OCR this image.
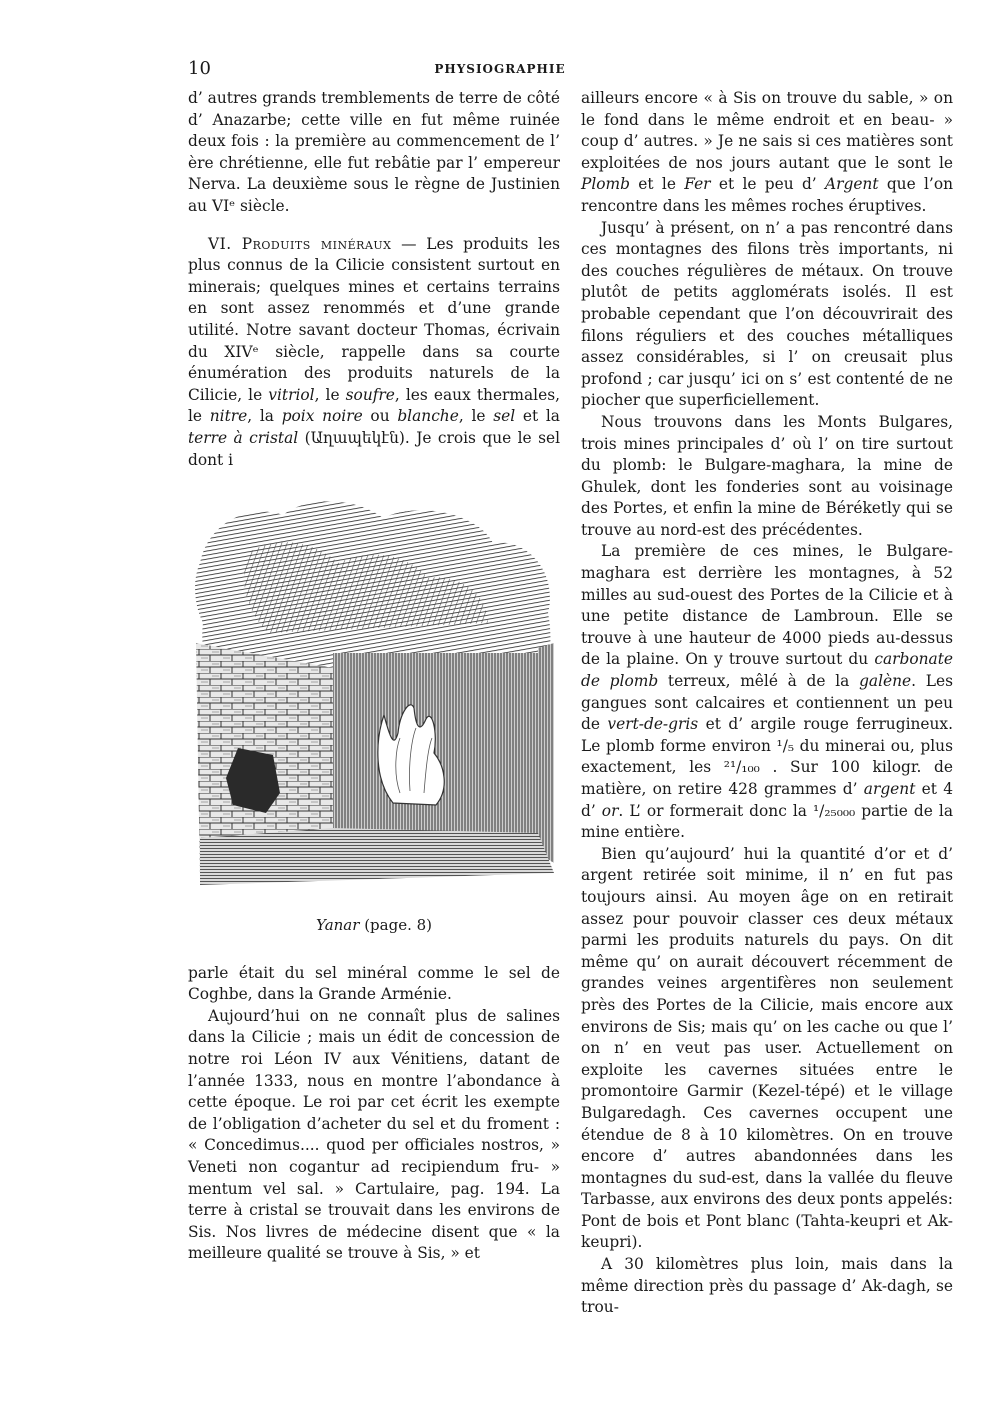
10	PHYSIOGRAPHIE

d’ autres grands tremblements de terre de côté d’ Anazarbe; cette ville en fut même ruinée deux fois : la première au commencement de l’ ère chrétienne, elle fut rebâtie par l’ empereur Nerva. La deuxième sous le règne de Justinien au VIᵉ siècle.

VI. Produits minéraux — Les produits les plus connus de la Cilicie consistent surtout en minerais; quelques mines et certains terrains en sont assez renommés et d’une grande utilité. Notre savant docteur Thomas, écrivain du XIVᵉ siècle, rappelle dans sa courte énumération des produits naturels de la Cilicie, le vitriol, le soufre, les eaux thermales, le nitre, la poix noire ou blanche, le sel et la terre à cristal (Աղապեկէն). Je crois que le sel dont i

Yanar (page. 8)

parle était du sel minéral comme le sel de Coghbe, dans la Grande Arménie.

Aujourd’hui on ne connaît plus de salines dans la Cilicie ; mais un édit de concession de notre roi Léon IV aux Vénitiens, datant de l’année 1333, nous en montre l’abondance à cette époque. Le roi par cet écrit les exempte de l’obligation d’acheter du sel et du froment : « Concedimus.... quod per officiales nostros, » Veneti non cogantur ad recipiendum fru- » mentum vel sal. » Cartulaire, pag. 194. La terre à cristal se trouvait dans les environs de Sis. Nos livres de médecine disent que « la meilleure qualité se trouve à Sis, » et

ailleurs encore « à Sis on trouve du sable, » on le fond dans le même endroit et en beau- » coup d’ autres. » Je ne sais si ces matières sont exploitées de nos jours autant que le sont le Plomb et le Fer et le peu d’ Argent que l’on rencontre dans les mêmes roches éruptives.

Jusqu’ à présent, on n’ a pas rencontré dans ces montagnes des filons très importants, ni des couches régulières de métaux. On trouve plutôt de petits agglomérats isolés. Il est probable cependant que l’on découvrirait des filons réguliers et des couches métalliques assez considérables, si l’ on creusait plus profond ; car jusqu’ ici on s’ est contenté de ne piocher que superficiellement.

Nous trouvons dans les Monts Bulgares, trois mines principales d’ où l’ on tire surtout du plomb: le Bulgare-maghara, la mine de Ghulek, dont les fonderies sont au voisinage des Portes, et enfin la mine de Béréketly qui se trouve au nord-est des précédentes.

La première de ces mines, le Bulgare-maghara est derrière les montagnes, à 52 milles au sud-ouest des Portes de la Cilicie et à une petite distance de Lambroun. Elle se trouve à une hauteur de 4000 pieds au-dessus de la plaine. On y trouve surtout du carbonate de plomb terreux, mêlé à de la galène. Les gangues sont calcaires et contiennent un peu de vert-de-gris et d’ argile rouge ferrugineux. Le plomb forme environ ¹/₅ du minerai ou, plus exactement, les ²¹/₁₀₀ . Sur 100 kilogr. de matière, on retire 428 grammes d’ argent et 4 d’ or. L’ or formerait donc la ¹/₂₅₀₀₀ partie de la mine entière.

Bien qu’aujourd’ hui la quantité d’or et d’ argent retirée soit minime, il n’ en fut pas toujours ainsi. Au moyen âge on en retirait assez pour pouvoir classer ces deux métaux parmi les produits naturels du pays. On dit même qu’ on aurait découvert récemment de grandes veines argentifères non seulement près des Portes de la Cilicie, mais encore aux environs de Sis; mais qu’ on les cache ou que l’ on n’ en veut pas user. Actuellement on exploite les cavernes situées entre le promontoire Garmir (Kezel-tépé) et le village Bulgaredagh. Ces cavernes occupent une étendue de 8 à 10 kilomètres. On en trouve encore d’ autres abandonnées dans les montagnes du sud-est, dans la vallée du fleuve Tarbasse, aux environs des deux ponts appelés: Pont de bois et Pont blanc (Tahta-keupri et Ak-keupri).

A 30 kilomètres plus loin, mais dans la même direction près du passage d’ Ak-dagh, se trou-
